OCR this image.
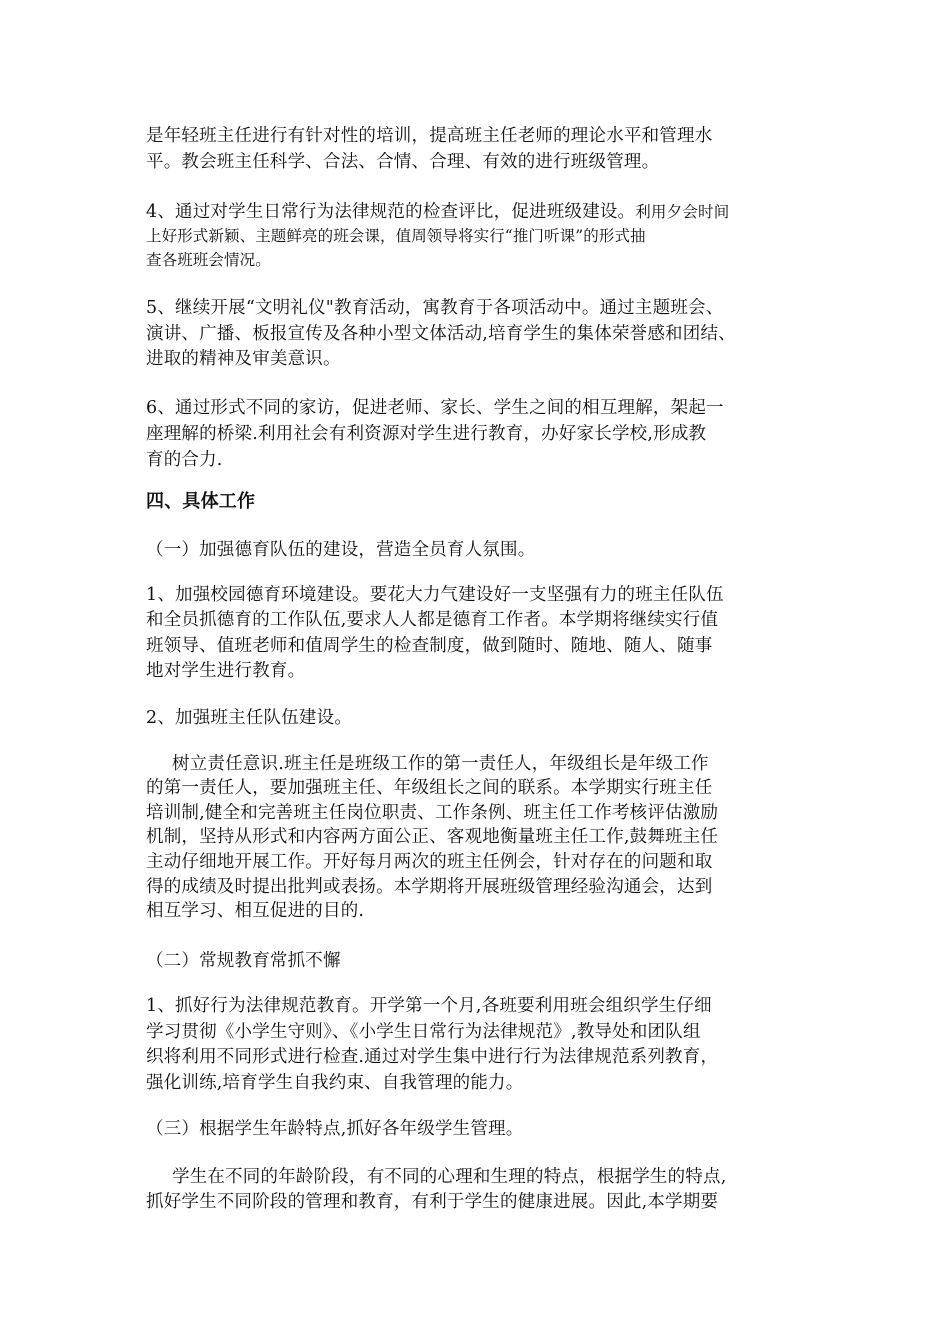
是年轻班主任进行有针对性的培训，提高班主任老师的理论水平和管理水
平。教会班主任科学、合法、合情、合理、有效的进行班级管理。
4、通过对学生日常行为法律规范的检查评比，促进班级建设。利用夕会时间
上好形式新颖、主题鲜亮的班会课，值周领导将实行“推门听课”的形式抽
查各班班会情况。
5、继续开展“文明礼仪"教育活动，寓教育于各项活动中。通过主题班会、
演讲、广播、板报宣传及各种小型文体活动,培育学生的集体荣誉感和团结、
进取的精神及审美意识。
6、通过形式不同的家访，促进老师、家长、学生之间的相互理解，架起一
座理解的桥梁.利用社会有利资源对学生进行教育，办好家长学校,形成教
育的合力.
四、具体工作
（一）加强德育队伍的建设，营造全员育人氛围。
1、加强校园德育环境建设。要花大力气建设好一支坚强有力的班主任队伍
和全员抓德育的工作队伍,要求人人都是德育工作者。本学期将继续实行值
班领导、值班老师和值周学生的检查制度，做到随时、随地、随人、随事
地对学生进行教育。
2、加强班主任队伍建设。
树立责任意识.班主任是班级工作的第一责任人，年级组长是年级工作
的第一责任人，要加强班主任、年级组长之间的联系。本学期实行班主任
培训制,健全和完善班主任岗位职责、工作条例、班主任工作考核评估激励
机制，坚持从形式和内容两方面公正、客观地衡量班主任工作,鼓舞班主任
主动仔细地开展工作。开好每月两次的班主任例会，针对存在的问题和取
得的成绩及时提出批判或表扬。本学期将开展班级管理经验沟通会，达到
相互学习、相互促进的目的.
（二）常规教育常抓不懈
1、抓好行为法律规范教育。开学第一个月,各班要利用班会组织学生仔细
学习贯彻《小学生守则》、《小学生日常行为法律规范》,教导处和团队组
织将利用不同形式进行检查.通过对学生集中进行行为法律规范系列教育，
强化训练,培育学生自我约束、自我管理的能力。
（三）根据学生年龄特点,抓好各年级学生管理。
学生在不同的年龄阶段，有不同的心理和生理的特点，根据学生的特点,
抓好学生不同阶段的管理和教育，有利于学生的健康进展。因此,本学期要
